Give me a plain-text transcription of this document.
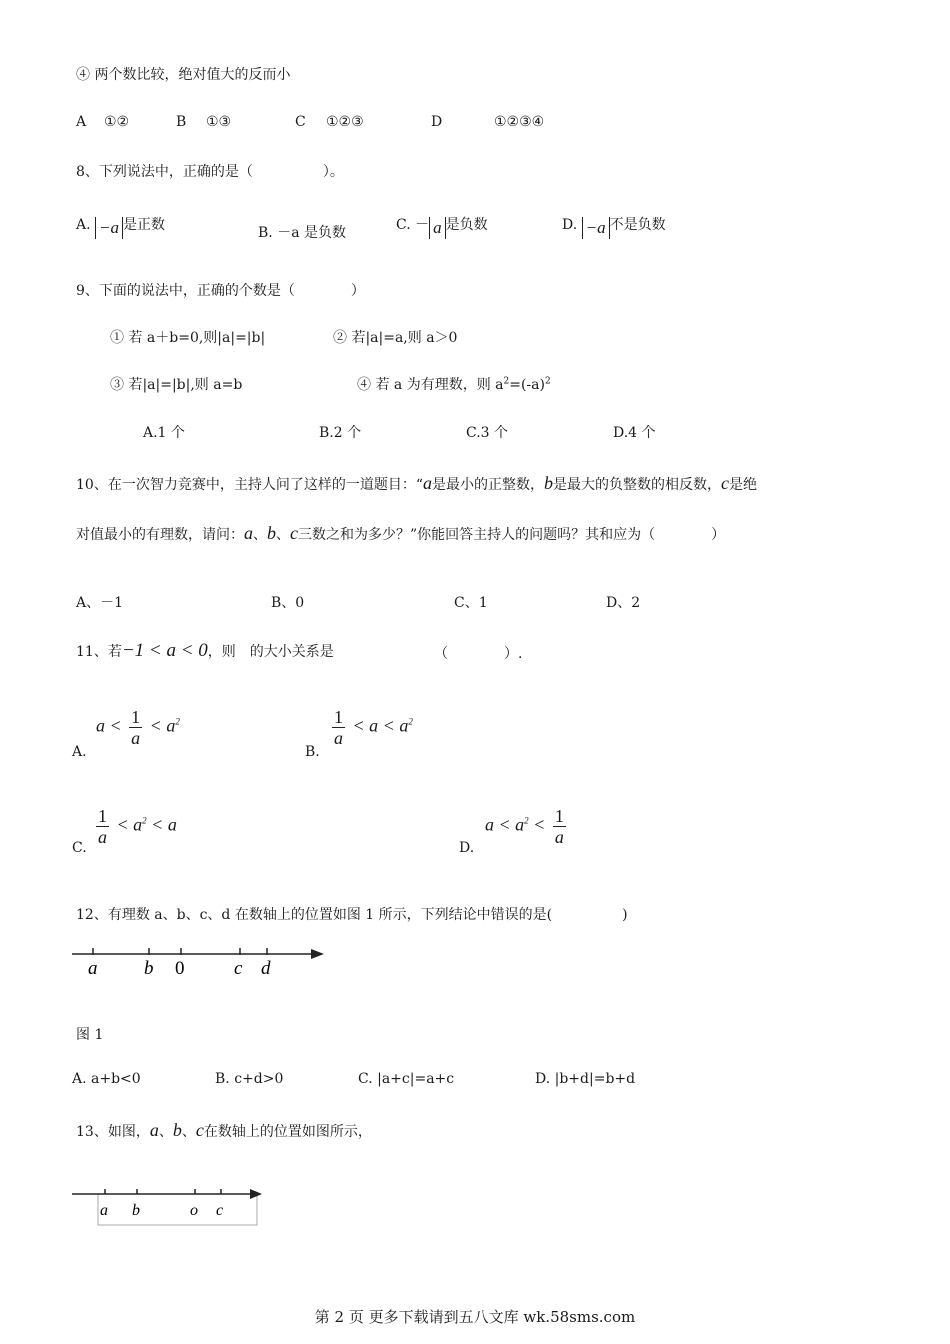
④ 两个数比较，绝对值大的反而小
A ①②	B ①③	C ①②③	D	①②③④
8、下列说法中，正确的是（　　　　　）。
A. −a 是正数	B. －a 是负数	C. － a 是负数	D. −a 不是负数
9、下面的说法中，正确的个数是（　　　　）
① 若 a＋b=0,则|a|=|b|	② 若|a|=a,则 a＞0
③ 若|a|=|b|,则 a=b	④ 若 a 为有理数，则 $a^2=(-a)^2$
A.1 个	B.2 个	C.3 个	D.4 个
10、在一次智力竞赛中，主持人问了这样的一道题目：“a是最小的正整数，b是最大的负整数的相反数，c是绝
对值最小的有理数，请问：a、b、c三数之和为多少？”你能回答主持人的问题吗？其和应为（　　　　）
A、－1	B、0	C、1	D、2
11、若−1 < a < 0，则　的大小关系是	（　　　　）.
A.
$a < \frac{1}{a} < a^2$
B.
$\frac{1}{a} < a < a^2$
C.
$\frac{1}{a} < a^2 < a$
D.
$a < a^2 < \frac{1}{a}$
12、有理数 a、b、c、d 在数轴上的位置如图 1 所示，下列结论中错误的是(　　　　　)
a b 0	c d
图 1
A. a+b<0	B. c+d>0	C. |a+c|=a+c	D. |b+d|=b+d
13、如图，a、b、c在数轴上的位置如图所示，
a b	o c
第 2 页 更多下载请到五八文库 wk.58sms.com
